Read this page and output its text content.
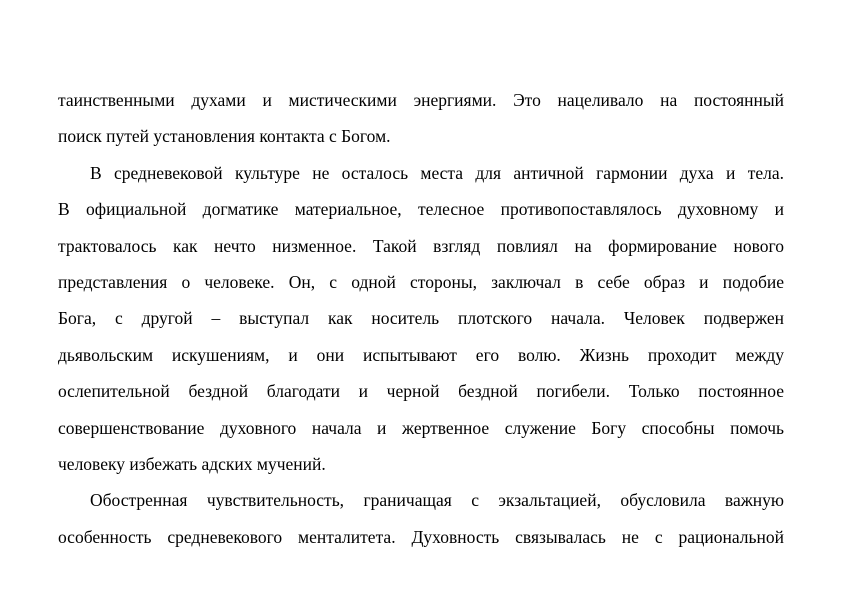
таинственными духами и мистическими энергиями. Это нацеливало на постоянный
поиск путей установления контакта с Богом.
В средневековой культуре не осталось места для античной гармонии духа и тела.
В официальной догматике материальное, телесное противопоставлялось духовному и
трактовалось как нечто низменное. Такой взгляд повлиял на формирование нового
представления о человеке. Он, с одной стороны, заключал в себе образ и подобие
Бога, с другой – выступал как носитель плотского начала. Человек подвержен
дьявольским искушениям, и они испытывают его волю. Жизнь проходит между
ослепительной бездной благодати и черной бездной погибели. Только постоянное
совершенствование духовного начала и жертвенное служение Богу способны помочь
человеку избежать адских мучений.
Обостренная чувствительность, граничащая с экзальтацией, обусловила важную
особенность средневекового менталитета. Духовность связывалась не с рациональной
